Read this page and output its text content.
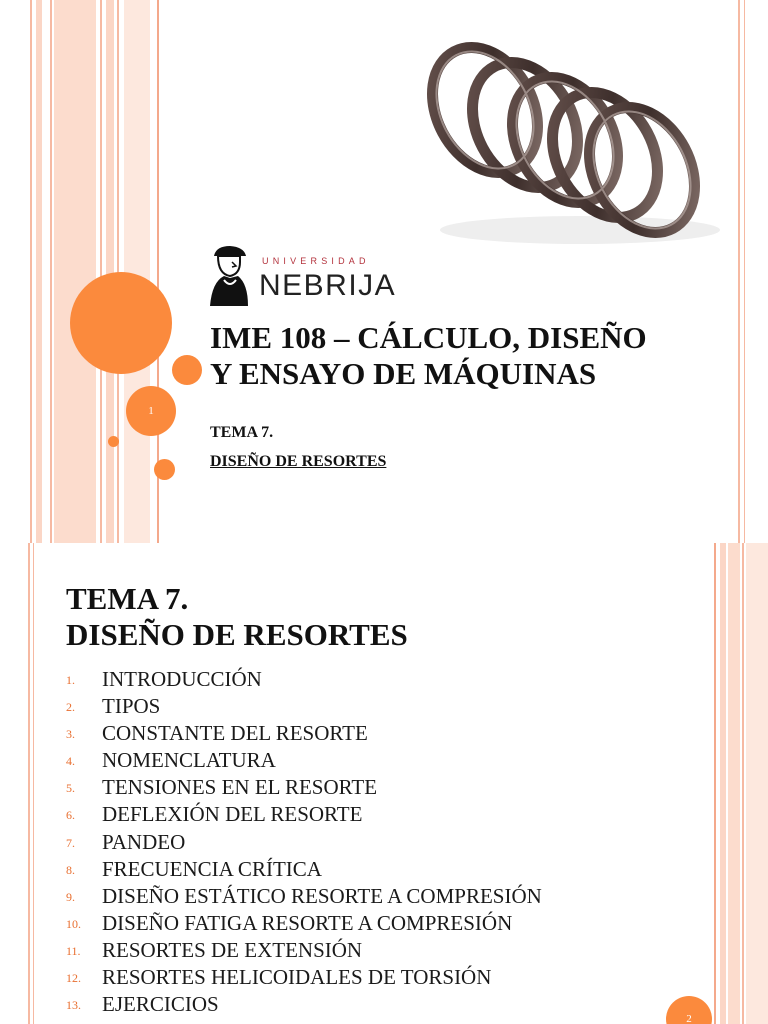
1
UNIVERSIDAD
NEBRIJA
IME 108 – CÁLCULO, DISEÑO
Y ENSAYO DE MÁQUINAS

TEMA 7.

DISEÑO DE RESORTES

TEMA 7.
DISEÑO DE RESORTES
1.	INTRODUCCIÓN
2.	TIPOS
3.	CONSTANTE DEL RESORTE
4.	NOMENCLATURA
5.	TENSIONES EN EL RESORTE
6.	DEFLEXIÓN DEL RESORTE
7.	PANDEO
8.	FRECUENCIA CRÍTICA
9.	DISEÑO ESTÁTICO RESORTE A COMPRESIÓN
10.	DISEÑO FATIGA RESORTE A COMPRESIÓN
11.	RESORTES DE EXTENSIÓN
12.	RESORTES HELICOIDALES DE TORSIÓN
13.	EJERCICIOS
2
